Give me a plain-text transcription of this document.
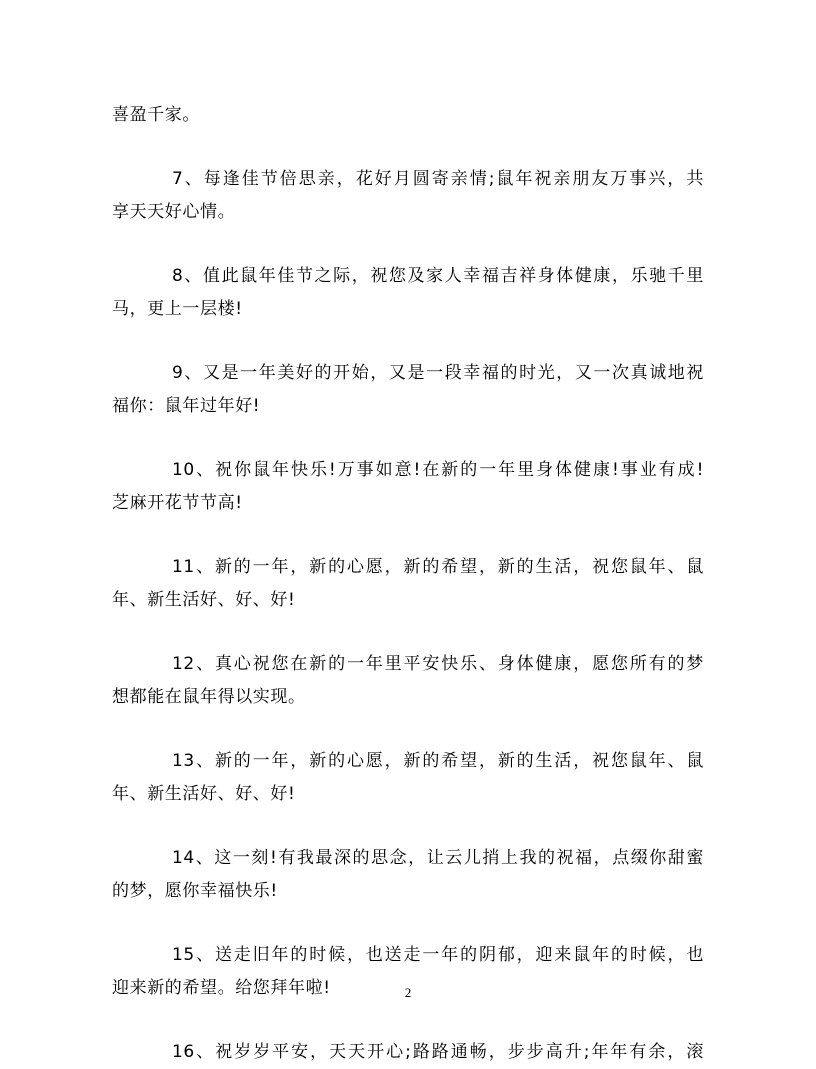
喜盈千家。
7、每逢佳节倍思亲，花好月圆寄亲情;鼠年祝亲朋友万事兴，共
享天天好心情。
8、值此鼠年佳节之际，祝您及家人幸福吉祥身体健康，乐驰千里
马，更上一层楼!
9、又是一年美好的开始，又是一段幸福的时光，又一次真诚地祝
福你：鼠年过年好!
10、祝你鼠年快乐!万事如意!在新的一年里身体健康!事业有成!
芝麻开花节节高!
11、新的一年，新的心愿，新的希望，新的生活，祝您鼠年、鼠
年、新生活好、好、好!
12、真心祝您在新的一年里平安快乐、身体健康，愿您所有的梦
想都能在鼠年得以实现。
13、新的一年，新的心愿，新的希望，新的生活，祝您鼠年、鼠
年、新生活好、好、好!
14、这一刻!有我最深的思念，让云儿捎上我的祝福，点缀你甜蜜
的梦，愿你幸福快乐!
15、送走旧年的时候，也送走一年的阴郁，迎来鼠年的时候，也
迎来新的希望。给您拜年啦!
16、祝岁岁平安，天天开心;路路通畅，步步高升;年年有余，滚
2
